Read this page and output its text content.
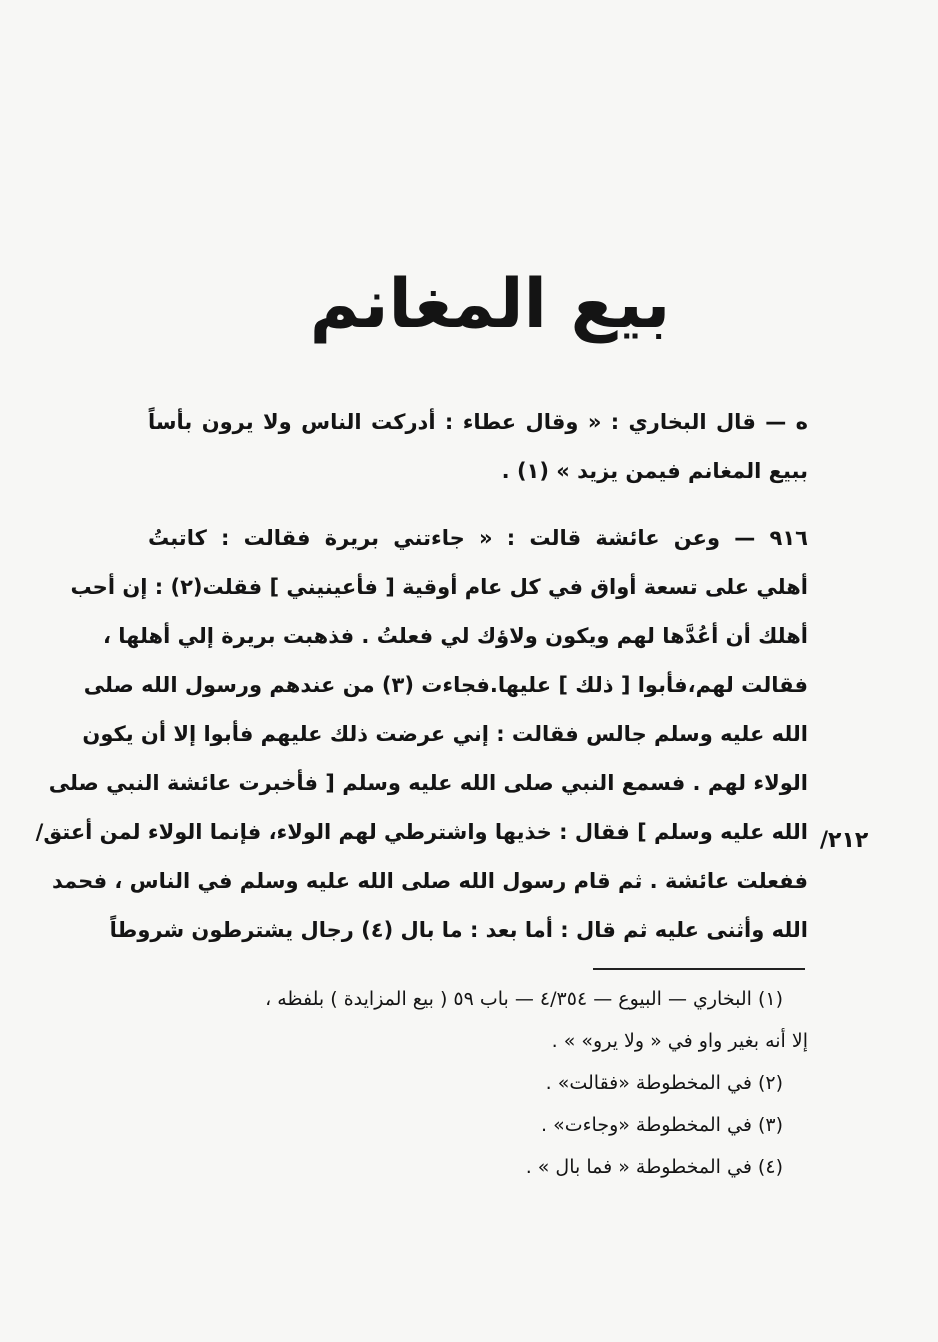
بيع المغانم
ه — قال البخاري : « وقال عطاء : أدركت الناس ولا يرون بأساً
ببيع المغانم فيمن يزيد » (١) .
٩١٦ — وعن عائشة قالت : « جاءتني بريرة فقالت : كاتبتُ
أهلي على تسعة أواق في كل عام أوقية [ فأعينيني ] فقلت(٢) : إن أحب
أهلك أن أعُدَّها لهم ويكون ولاؤك لي فعلتُ . فذهبت بريرة إلي أهلها ،
فقالت لهم،فأبوا [ ذلك ] عليها.فجاءت (٣) من عندهم ورسول الله صلى
الله عليه وسلم جالس فقالت : إني عرضت ذلك عليهم فأبوا إلا أن يكون
الولاء لهم . فسمع النبي صلى الله عليه وسلم [ فأخبرت عائشة النبي صلى
الله عليه وسلم ] فقال : خذيها واشترطي لهم الولاء، فإنما الولاء لمن أعتق/
ففعلت عائشة . ثم قام رسول الله صلى الله عليه وسلم في الناس ، فحمد
الله وأثنى عليه ثم قال : أما بعد : ما بال (٤) رجال يشترطون شروطاً
٢١٢/
(١) البخاري — البيوع — ٤/٣٥٤ — باب ٥٩ ( بيع المزايدة ) بلفظه ،
إلا أنه بغير واو في « ولا يرو» » .
(٢) في المخطوطة «فقالت» .
(٣) في المخطوطة «وجاءت» .
(٤) في المخطوطة « فما بال » .
